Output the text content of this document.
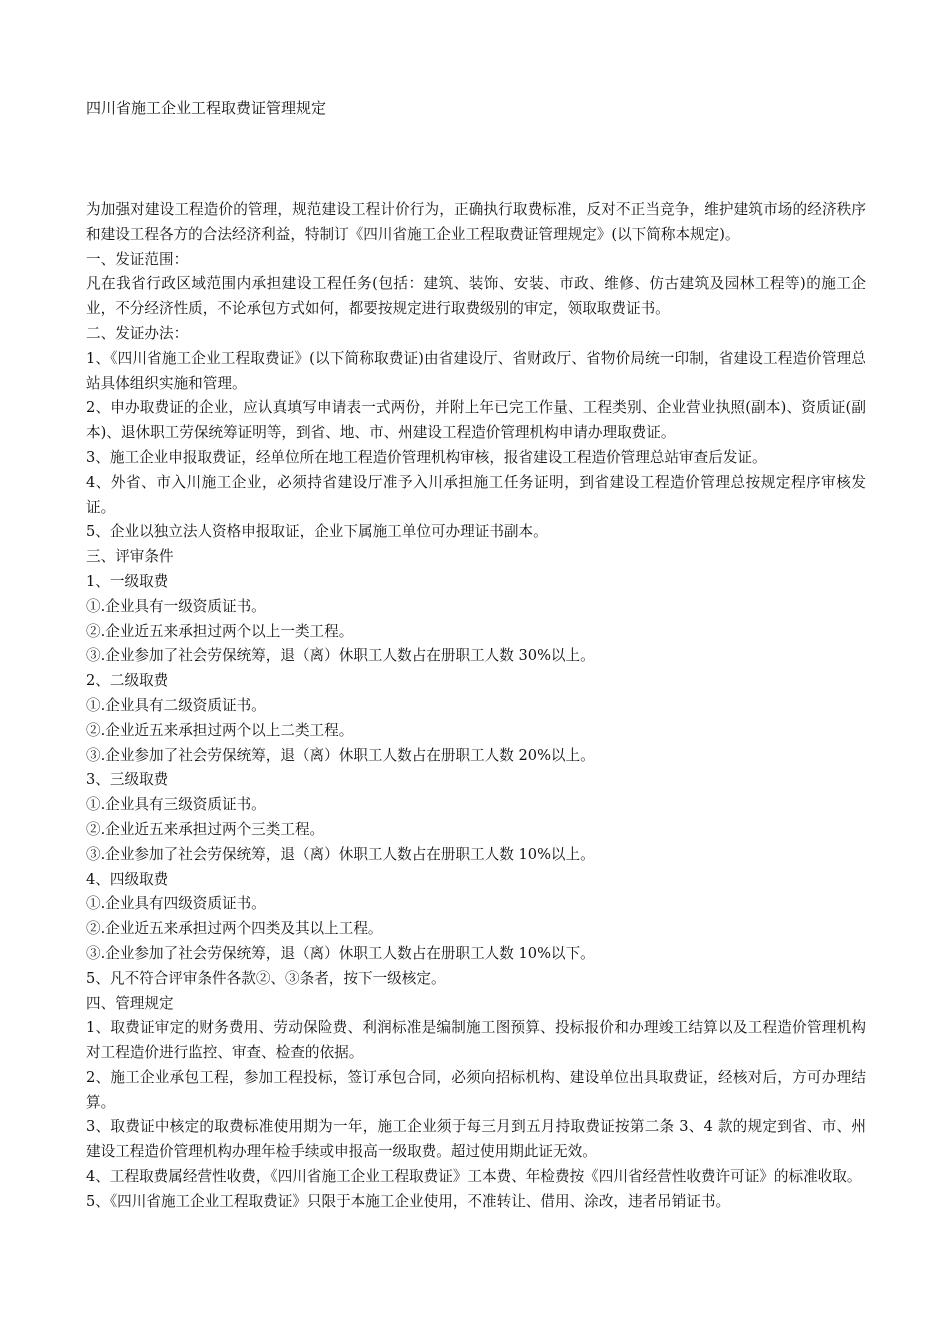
四川省施工企业工程取费证管理规定

为加强对建设工程造价的管理，规范建设工程计价行为，正确执行取费标准，反对不正当竞争，维护建筑市场的经济秩序和建设工程各方的合法经济利益，特制订《四川省施工企业工程取费证管理规定》(以下简称本规定)。

一、发证范围：

凡在我省行政区域范围内承担建设工程任务(包括：建筑、装饰、安装、市政、维修、仿古建筑及园林工程等)的施工企业，不分经济性质，不论承包方式如何，都要按规定进行取费级别的审定，领取取费证书。

二、发证办法：

1、《四川省施工企业工程取费证》(以下简称取费证)由省建设厅、省财政厅、省物价局统一印制，省建设工程造价管理总站具体组织实施和管理。

2、申办取费证的企业，应认真填写申请表一式两份，并附上年已完工作量、工程类别、企业营业执照(副本)、资质证(副本)、退休职工劳保统筹证明等，到省、地、市、州建设工程造价管理机构申请办理取费证。

3、施工企业申报取费证，经单位所在地工程造价管理机构审核，报省建设工程造价管理总站审查后发证。

4、外省、市入川施工企业，必须持省建设厅准予入川承担施工任务证明，到省建设工程造价管理总按规定程序审核发证。

5、企业以独立法人资格申报取证，企业下属施工单位可办理证书副本。

三、评审条件

1、一级取费

①.企业具有一级资质证书。

②.企业近五来承担过两个以上一类工程。

③.企业参加了社会劳保统筹，退（离）休职工人数占在册职工人数 30%以上。

2、二级取费

①.企业具有二级资质证书。

②.企业近五来承担过两个以上二类工程。

③.企业参加了社会劳保统筹，退（离）休职工人数占在册职工人数 20%以上。

3、三级取费

①.企业具有三级资质证书。

②.企业近五来承担过两个三类工程。

③.企业参加了社会劳保统筹，退（离）休职工人数占在册职工人数 10%以上。

4、四级取费

①.企业具有四级资质证书。

②.企业近五来承担过两个四类及其以上工程。

③.企业参加了社会劳保统筹，退（离）休职工人数占在册职工人数 10%以下。

5、凡不符合评审条件各款②、③条者，按下一级核定。

四、管理规定

1、取费证审定的财务费用、劳动保险费、利润标准是编制施工图预算、投标报价和办理竣工结算以及工程造价管理机构对工程造价进行监控、审查、检查的依据。

2、施工企业承包工程，参加工程投标，签订承包合同，必须向招标机构、建设单位出具取费证，经核对后，方可办理结算。

3、取费证中核定的取费标准使用期为一年，施工企业须于每三月到五月持取费证按第二条 3、4 款的规定到省、市、州建设工程造价管理机构办理年检手续或申报高一级取费。超过使用期此证无效。

4、工程取费属经营性收费，《四川省施工企业工程取费证》工本费、年检费按《四川省经营性收费许可证》的标准收取。

5、《四川省施工企业工程取费证》只限于本施工企业使用，不准转让、借用、涂改，违者吊销证书。
